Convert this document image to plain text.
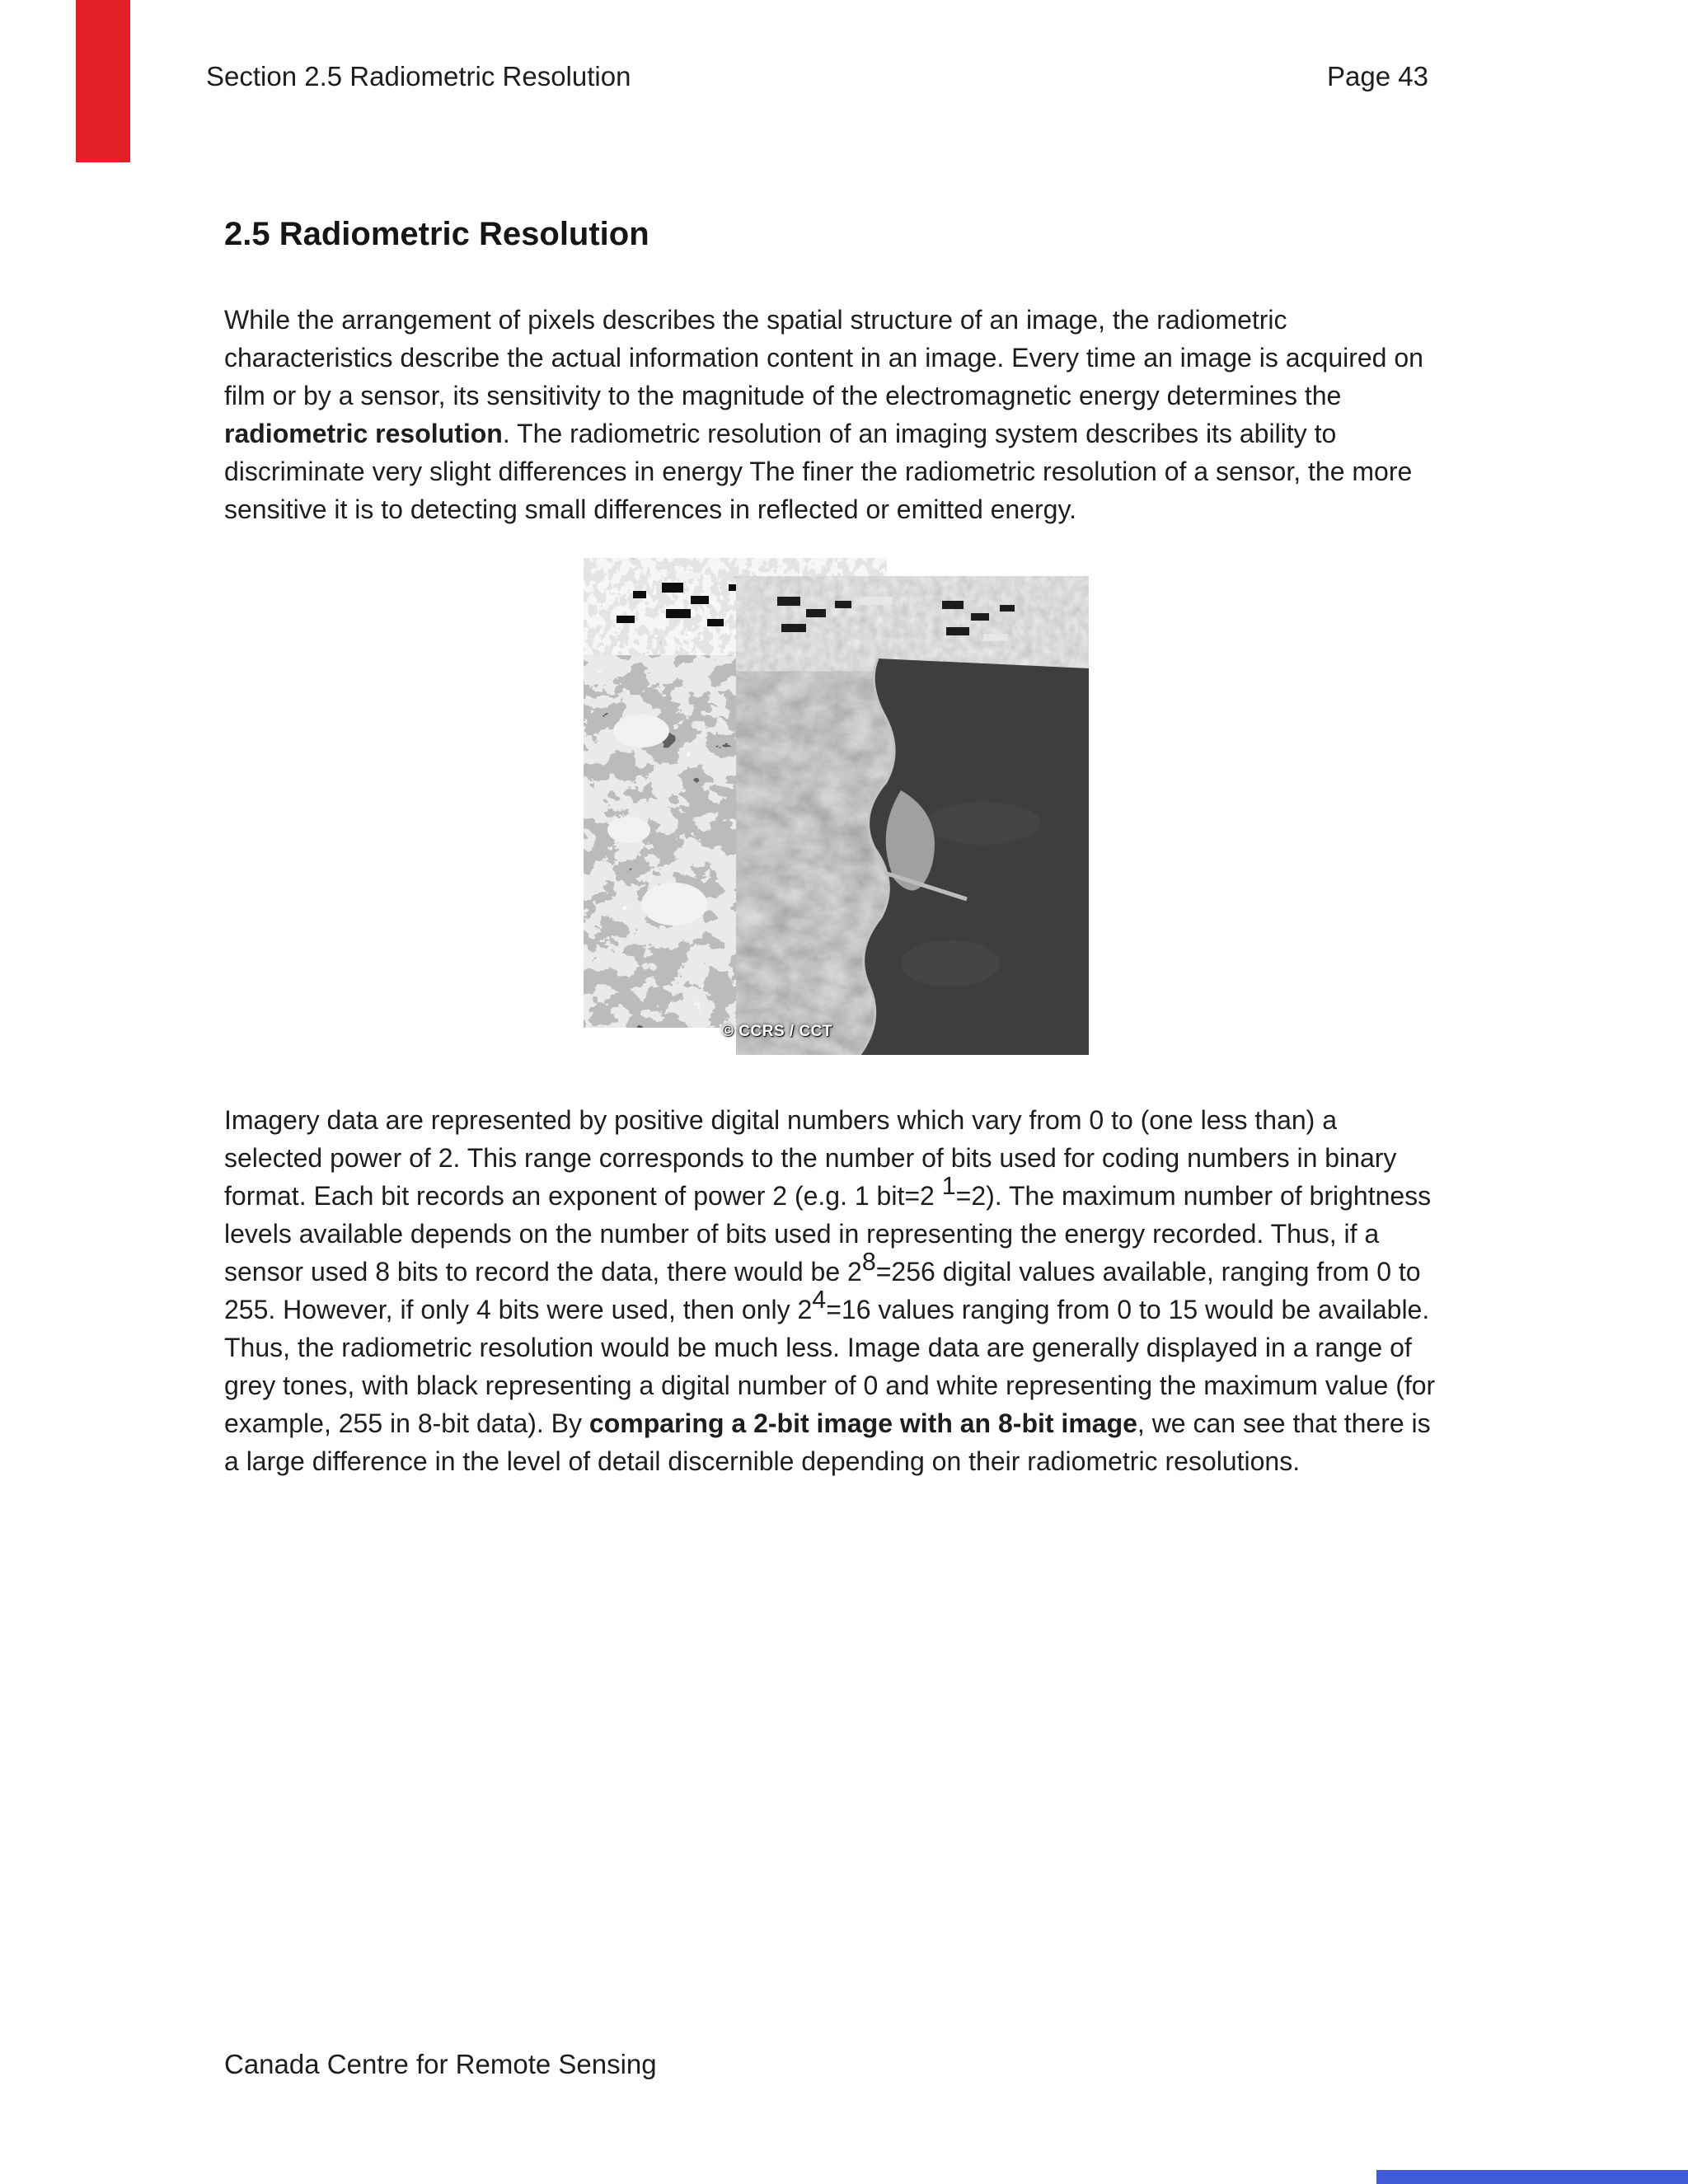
Section 2.5 Radiometric Resolution	Page 43
2.5 Radiometric Resolution

While the arrangement of pixels describes the spatial structure of an image, the radiometric characteristics describe the actual information content in an image. Every time an image is acquired on film or by a sensor, its sensitivity to the magnitude of the electromagnetic energy determines the radiometric resolution. The radiometric resolution of an imaging system describes its ability to discriminate very slight differences in energy The finer the radiometric resolution of a sensor, the more sensitive it is to detecting small differences in reflected or emitted energy.

© CCRS / CCT

Imagery data are represented by positive digital numbers which vary from 0 to (one less than) a selected power of 2. This range corresponds to the number of bits used for coding numbers in binary format. Each bit records an exponent of power 2 (e.g. 1 bit=2 $^1$=2). The maximum number of brightness levels available depends on the number of bits used in representing the energy recorded. Thus, if a sensor used 8 bits to record the data, there would be $2^8=256$ digital values available, ranging from 0 to 255. However, if only 4 bits were used, then only $2^4=16$ values ranging from 0 to 15 would be available. Thus, the radiometric resolution would be much less. Image data are generally displayed in a range of grey tones, with black representing a digital number of 0 and white representing the maximum value (for example, 255 in 8-bit data). By comparing a 2-bit image with an 8-bit image, we can see that there is a large difference in the level of detail discernible depending on their radiometric resolutions.

Canada Centre for Remote Sensing
